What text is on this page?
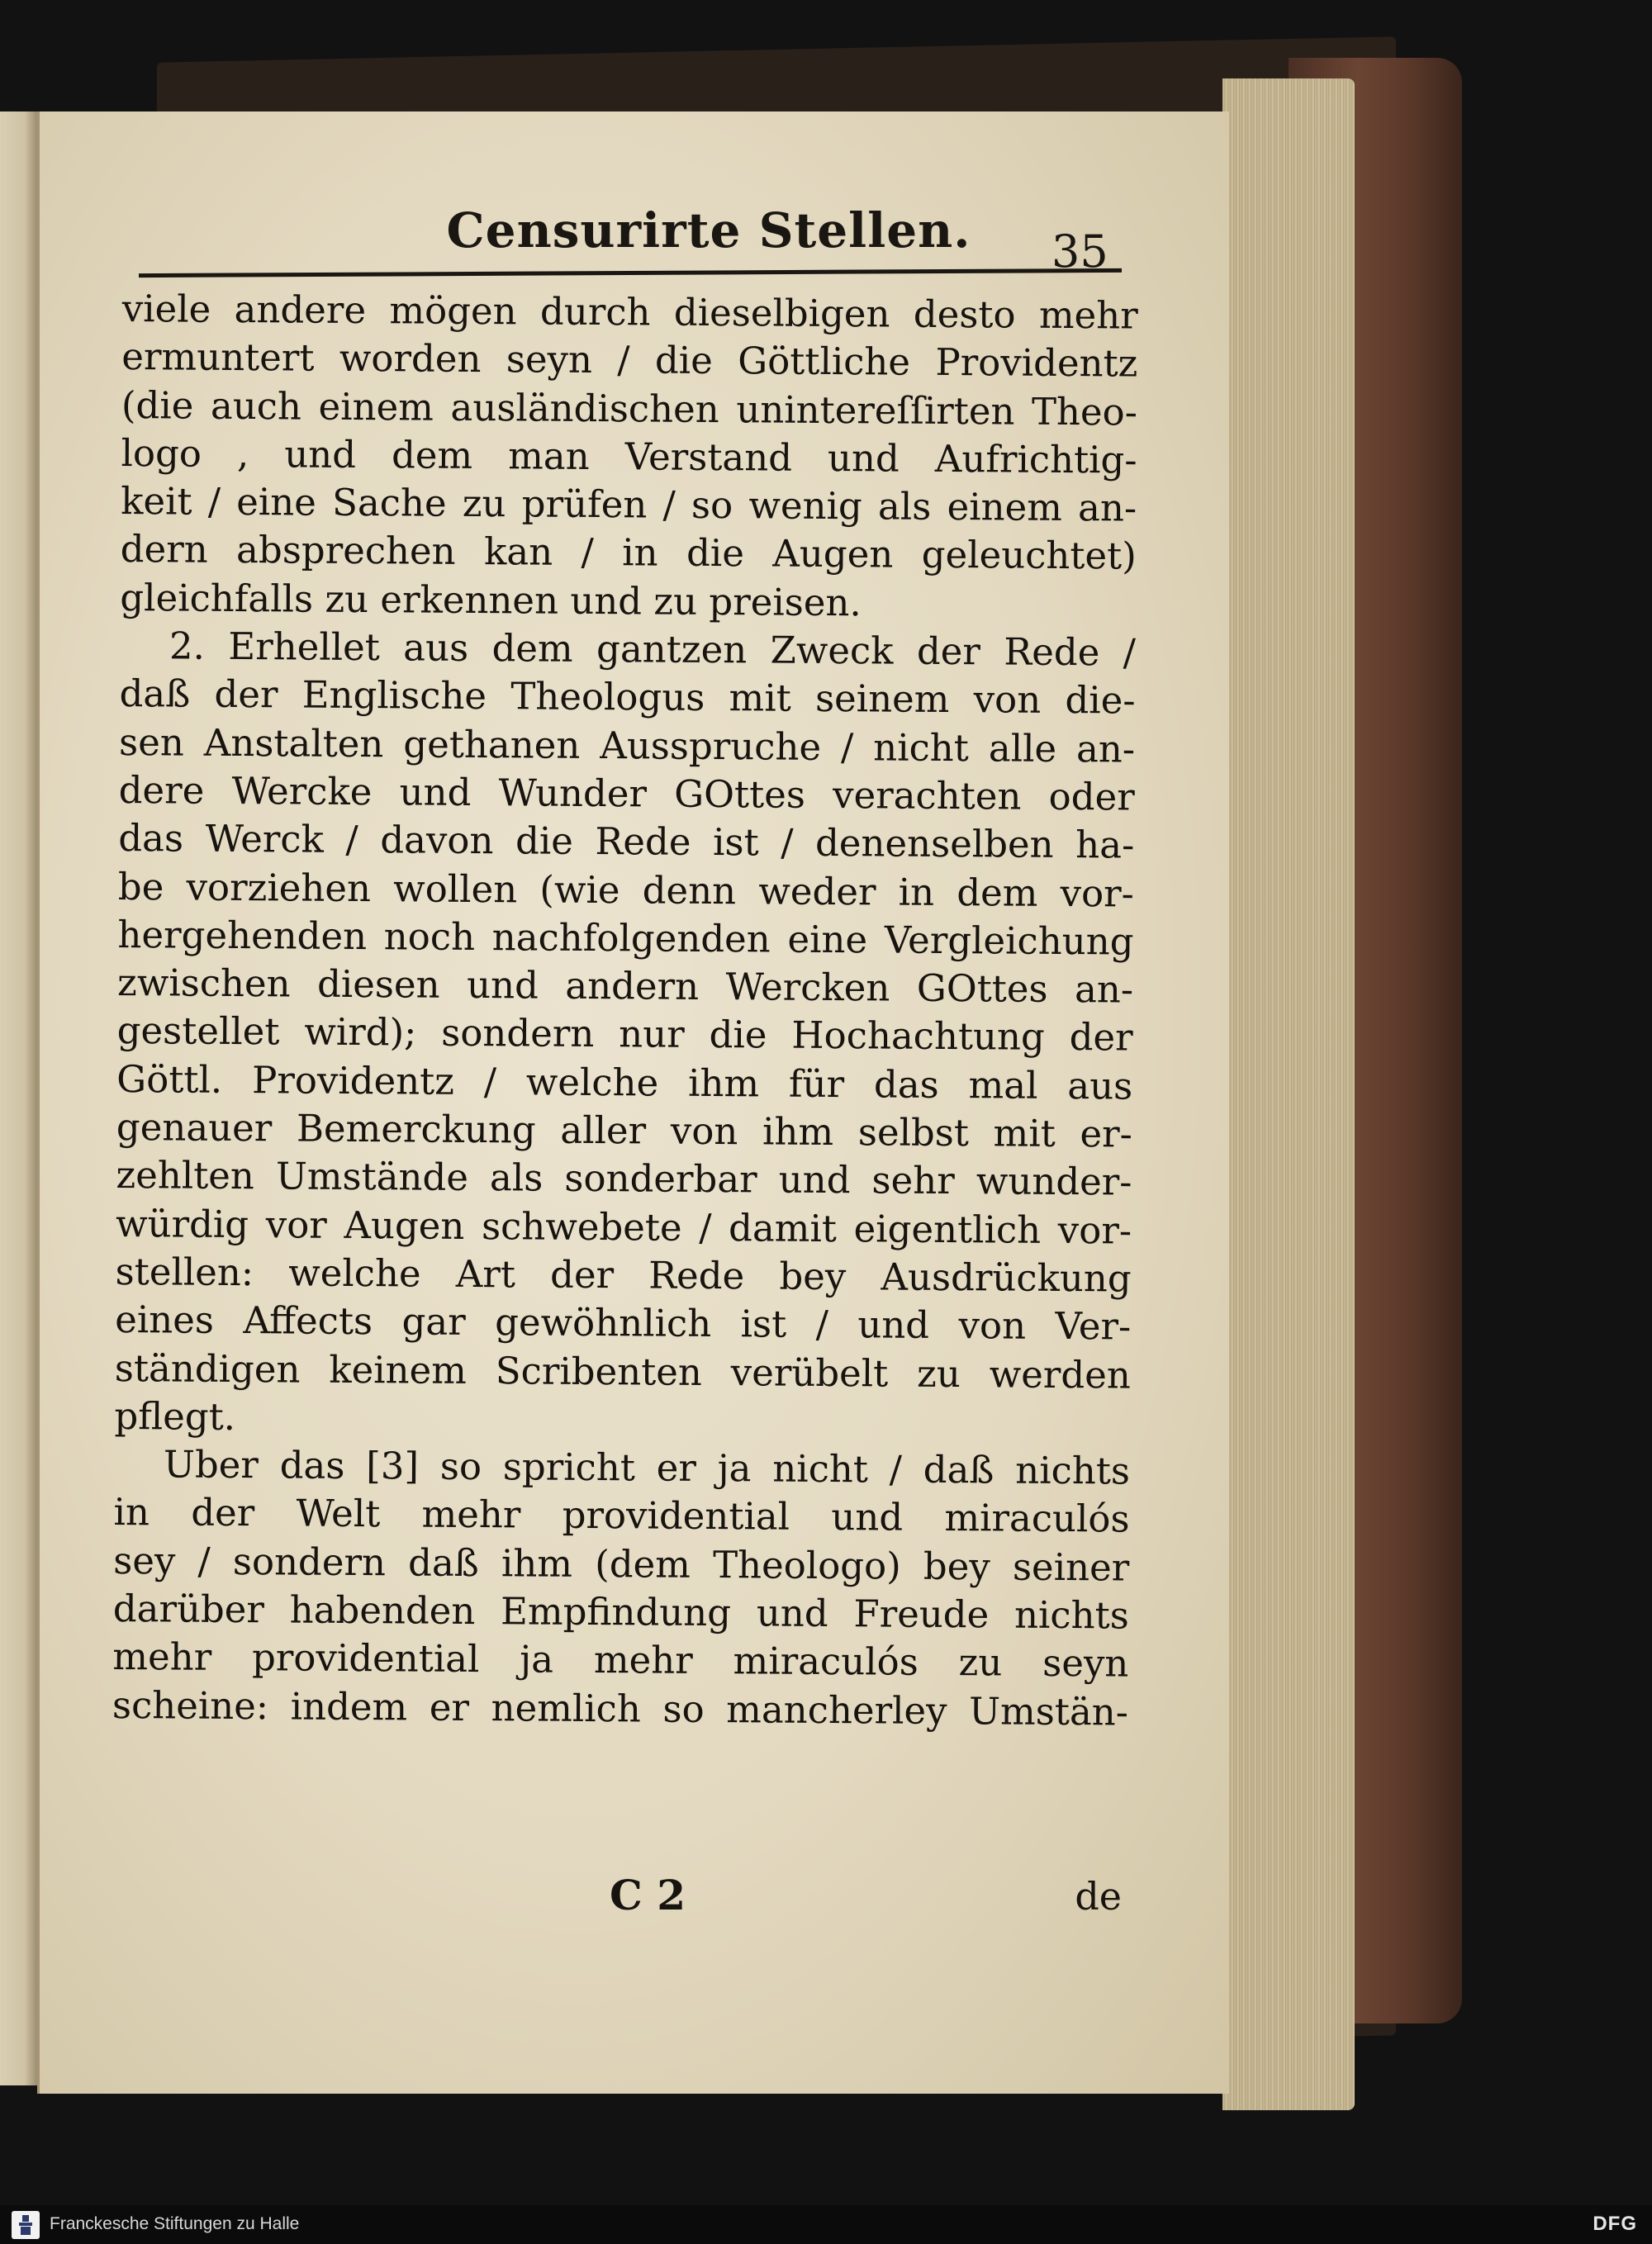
Censurirte Stellen.	35
viele andere mögen durch dieselbigen desto mehr
ermuntert worden seyn / die Göttliche Providentz
(die auch einem ausländischen unintereſſirten Theo-
logo , und dem man Verstand und Aufrichtig-
keit / eine Sache zu prüfen / so wenig als einem an-
dern absprechen kan / in die Augen geleuchtet)
gleichfalls zu erkennen und zu preisen.
2. Erhellet aus dem gantzen Zweck der Rede /
daß der Englische Theologus mit seinem von die-
sen Anstalten gethanen Ausspruche / nicht alle an-
dere Wercke und Wunder GOttes verachten oder
das Werck / davon die Rede ist / denenselben ha-
be vorziehen wollen (wie denn weder in dem vor-
hergehenden noch nachfolgenden eine Vergleichung
zwischen diesen und andern Wercken GOttes an-
gestellet wird); sondern nur die Hochachtung der
Göttl. Providentz / welche ihm für das mal aus
genauer Bemerckung aller von ihm selbst mit er-
zehlten Umstände als sonderbar und sehr wunder-
würdig vor Augen schwebete / damit eigentlich vor-
stellen: welche Art der Rede bey Ausdrückung
eines Affects gar gewöhnlich ist / und von Ver-
ständigen keinem Scribenten verübelt zu werden
pflegt.
Uber das [3] so spricht er ja nicht / daß nichts
in der Welt mehr providential und miraculós
sey / sondern daß ihm (dem Theologo) bey seiner
darüber habenden Empfindung und Freude nichts
mehr providential ja mehr miraculós zu seyn
scheine: indem er nemlich so mancherley Umstän-
C 2	de
Franckesche Stiftungen zu Halle	DFG
